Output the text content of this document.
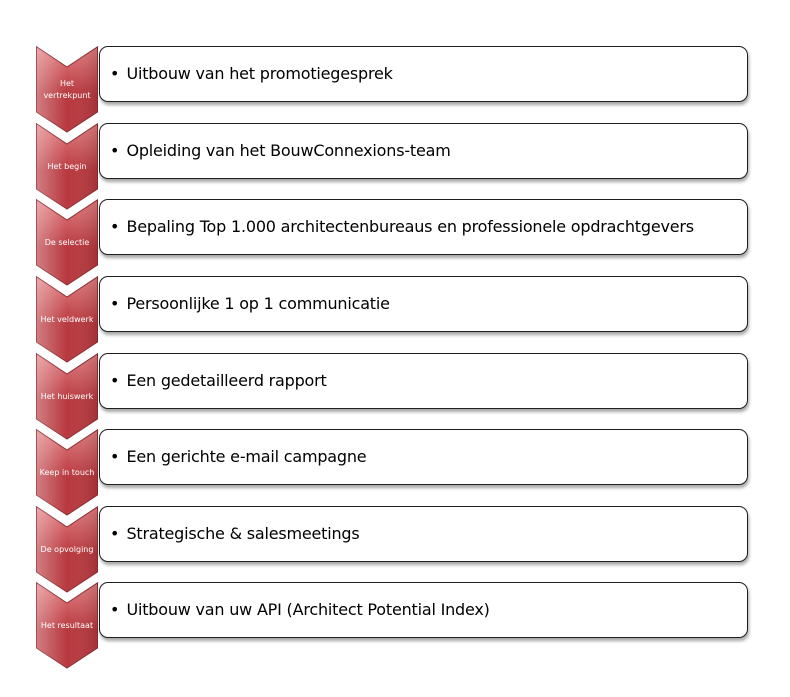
Het vertrekpunt
• Uitbouw van het promotiegesprek
Het begin
• Opleiding van het BouwConnexions-team
De selectie
• Bepaling Top 1.000 architectenbureaus en professionele opdrachtgevers
Het veldwerk
• Persoonlijke 1 op 1 communicatie
Het huiswerk
• Een gedetailleerd rapport
Keep in touch
• Een gerichte e-mail campagne
De opvolging
• Strategische & salesmeetings
Het resultaat
• Uitbouw van uw API (Architect Potential Index)
